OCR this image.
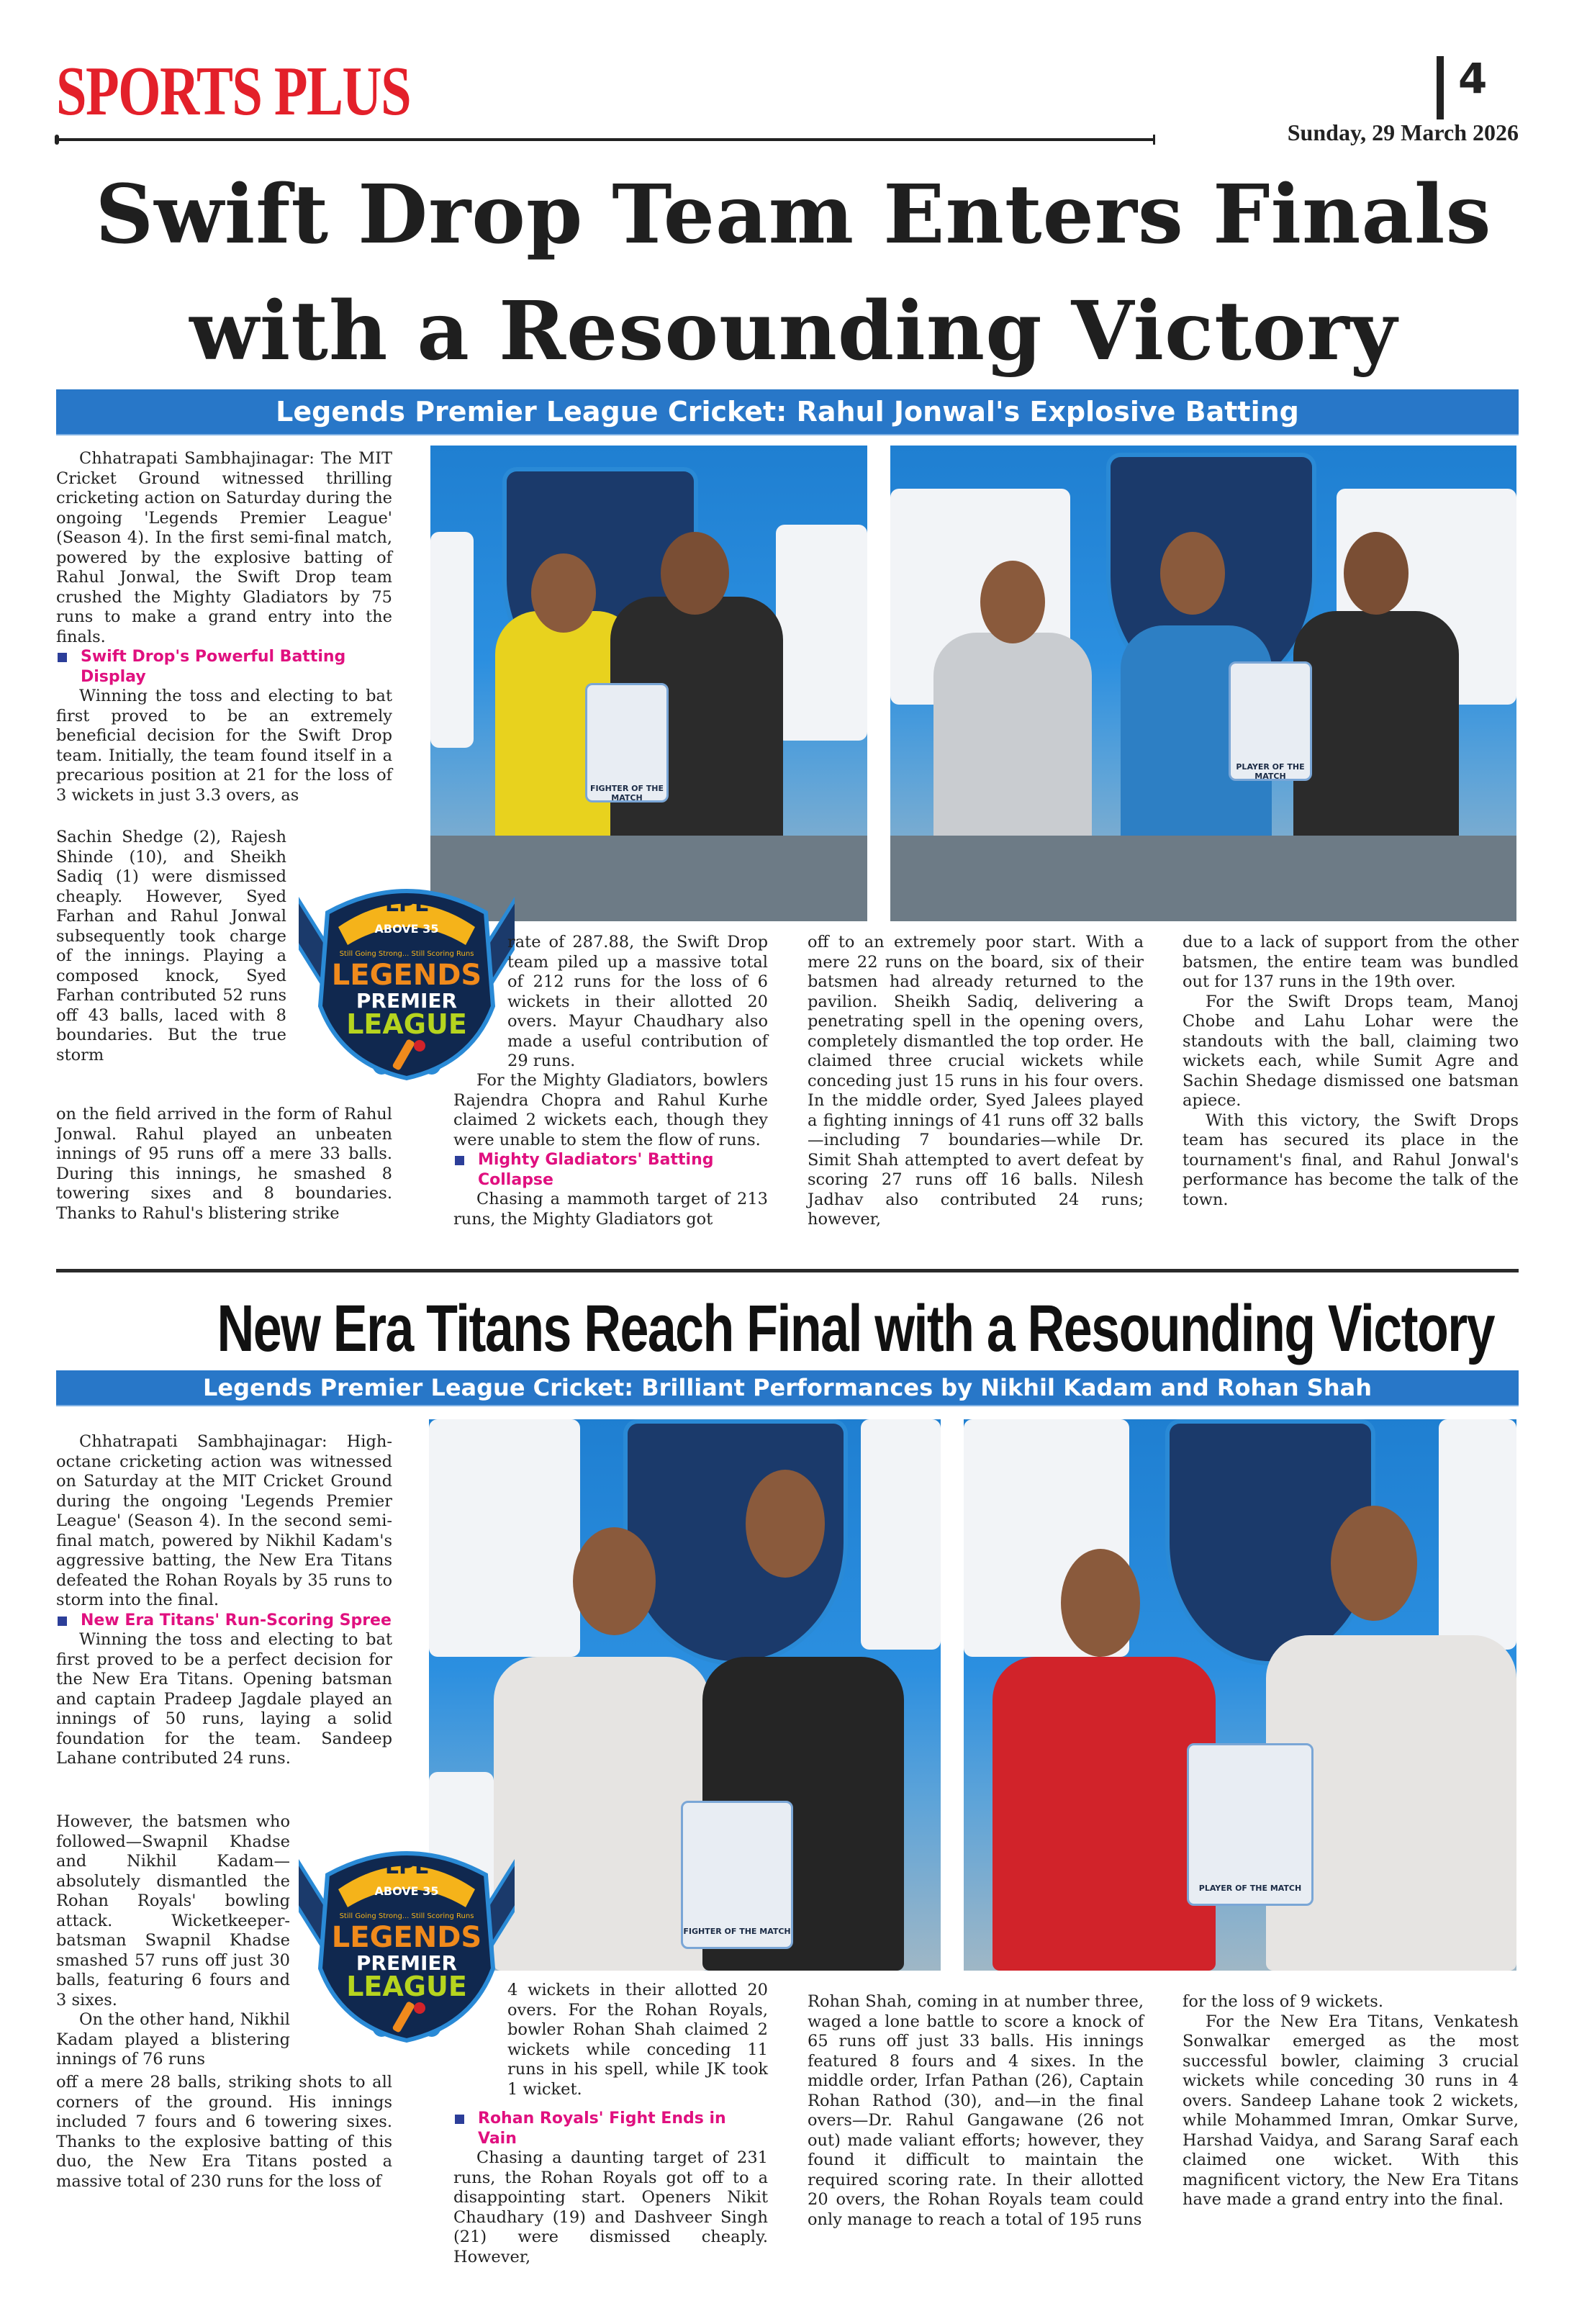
SPORTS PLUS	4
Sunday, 29 March 2026
Swift Drop Team Enters Finals with a Resounding Victory
Legends Premier League Cricket: Rahul Jonwal's Explosive Batting
FIGHTER OF THE MATCH
PLAYER OF THE MATCH
LPL
ABOVE 35
Still Going Strong... Still Scoring Runs
LEGENDS
PREMIER
LEAGUE

Chhatrapati Sambhajinagar: The MIT Cricket Ground witnessed thrilling cricketing action on Saturday during the ongoing 'Legends Premier League' (Season 4). In the first semi-final match, powered by the explosive batting of Rahul Jonwal, the Swift Drop team crushed the Mighty Gladiators by 75 runs to make a grand entry into the finals.

Swift Drop's Powerful Batting Display

Winning the toss and electing to bat first proved to be an extremely beneficial decision for the Swift Drop team. Initially, the team found itself in a precarious position at 21 for the loss of 3 wickets in just 3.3 overs, as

Sachin Shedge (2), Rajesh Shinde (10), and Sheikh Sadiq (1) were dismissed cheaply. However, Syed Farhan and Rahul Jonwal subsequently took charge of the innings. Playing a composed knock, Syed Farhan contributed 52 runs off 43 balls, laced with 8 boundaries. But the true storm

on the field arrived in the form of Rahul Jonwal. Rahul played an unbeaten innings of 95 runs off a mere 33 balls. During this innings, he smashed 8 towering sixes and 8 boundaries. Thanks to Rahul's blistering strike

rate of 287.88, the Swift Drop team piled up a massive total of 212 runs for the loss of 6 wickets in their allotted 20 overs. Mayur Chaudhary also made a useful contribution of 29 runs.

For the Mighty Gladiators, bowlers Rajendra Chopra and Rahul Kurhe claimed 2 wickets each, though they were unable to stem the flow of runs.

Mighty Gladiators' Batting Collapse

Chasing a mammoth target of 213 runs, the Mighty Gladiators got

off to an extremely poor start. With a mere 22 runs on the board, six of their batsmen had already returned to the pavilion. Sheikh Sadiq, delivering a penetrating spell in the opening overs, completely dismantled the top order. He claimed three crucial wickets while conceding just 15 runs in his four overs. In the middle order, Syed Jalees played a fighting innings of 41 runs off 32 balls—including 7 boundaries—while Dr. Simit Shah attempted to avert defeat by scoring 27 runs off 16 balls. Nilesh Jadhav also contributed 24 runs; however,

due to a lack of support from the other batsmen, the entire team was bundled out for 137 runs in the 19th over.

For the Swift Drops team, Manoj Chobe and Lahu Lohar were the standouts with the ball, claiming two wickets each, while Sumit Agre and Sachin Shedage dismissed one batsman apiece.

With this victory, the Swift Drops team has secured its place in the tournament's final, and Rahul Jonwal's performance has become the talk of the town.

New Era Titans Reach Final with a Resounding Victory
Legends Premier League Cricket: Brilliant Performances by Nikhil Kadam and Rohan Shah
FIGHTER OF THE MATCH
PLAYER OF THE MATCH
LPL
ABOVE 35
Still Going Strong... Still Scoring Runs
LEGENDS
PREMIER
LEAGUE

Chhatrapati Sambhajinagar: High-octane cricketing action was witnessed on Saturday at the MIT Cricket Ground during the ongoing 'Legends Premier League' (Season 4). In the second semi-final match, powered by Nikhil Kadam's aggressive batting, the New Era Titans defeated the Rohan Royals by 35 runs to storm into the final.

New Era Titans' Run-Scoring Spree

Winning the toss and electing to bat first proved to be a perfect decision for the New Era Titans. Opening batsman and captain Pradeep Jagdale played an innings of 50 runs, laying a solid foundation for the team. Sandeep Lahane contributed 24 runs.

However, the batsmen who followed—Swapnil Khadse and Nikhil Kadam—absolutely dismantled the Rohan Royals' bowling attack. Wicketkeeper-batsman Swapnil Khadse smashed 57 runs off just 30 balls, featuring 6 fours and 3 sixes.

On the other hand, Nikhil Kadam played a blistering innings of 76 runs

off a mere 28 balls, striking shots to all corners of the ground. His innings included 7 fours and 6 towering sixes. Thanks to the explosive batting of this duo, the New Era Titans posted a massive total of 230 runs for the loss of

4 wickets in their allotted 20 overs. For the Rohan Royals, bowler Rohan Shah claimed 2 wickets while conceding 11 runs in his spell, while JK took 1 wicket.

Rohan Royals' Fight Ends in Vain

Chasing a daunting target of 231 runs, the Rohan Royals got off to a disappointing start. Openers Nikit Chaudhary (19) and Dashveer Singh (21) were dismissed cheaply. However,

Rohan Shah, coming in at number three, waged a lone battle to score a knock of 65 runs off just 33 balls. His innings featured 8 fours and 4 sixes. In the middle order, Irfan Pathan (26), Captain Rohan Rathod (30), and—in the final overs—Dr. Rahul Gangawane (26 not out) made valiant efforts; however, they found it difficult to maintain the required scoring rate. In their allotted 20 overs, the Rohan Royals team could only manage to reach a total of 195 runs

for the loss of 9 wickets.

For the New Era Titans, Venkatesh Sonwalkar emerged as the most successful bowler, claiming 3 crucial wickets while conceding 30 runs in 4 overs. Sandeep Lahane took 2 wickets, while Mohammed Imran, Omkar Surve, Harshad Vaidya, and Sarang Saraf each claimed one wicket. With this magnificent victory, the New Era Titans have made a grand entry into the final.
